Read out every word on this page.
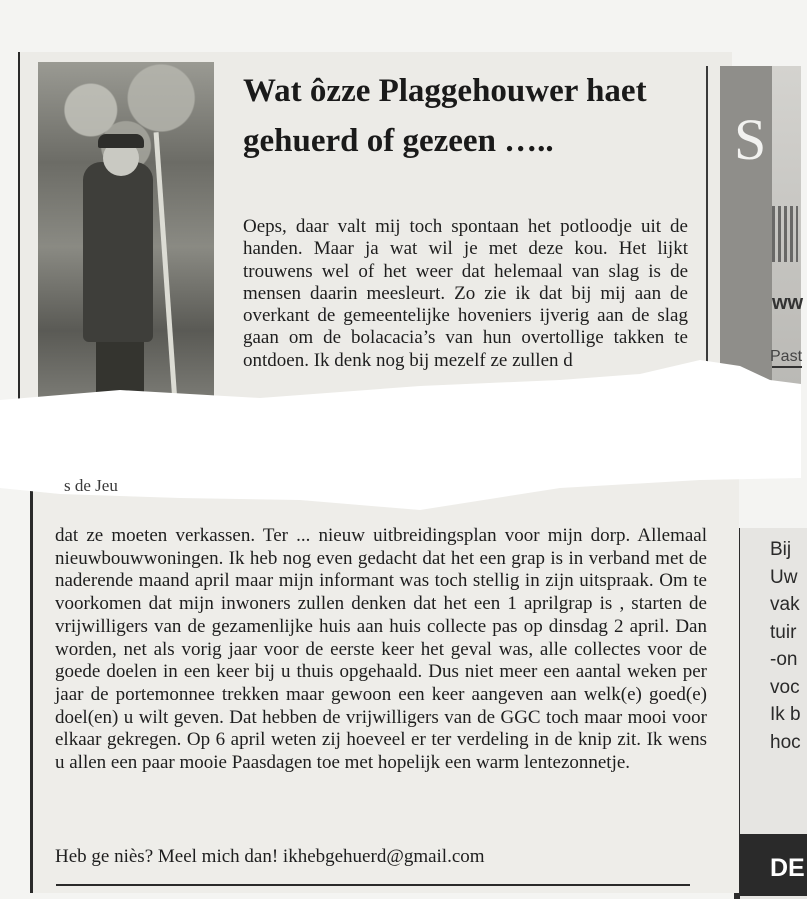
Wat ôzze Plaggehouwer haet gehuerd of gezeen …..

Oeps, daar valt mij toch spontaan het potloodje uit de handen. Maar ja wat wil je met deze kou. Het lijkt trouwens wel of het weer dat helemaal van slag is de mensen daarin meesleurt. Zo zie ik dat bij mij aan de overkant de gemeentelijke hoveniers ijverig aan de slag gaan om de bolacacia’s van hun overtollige takken te ontdoen. Ik denk nog bij mezelf ze zullen d

S
ww
Past
Bij
Uw
vak
tuir
-on
voc
Ik b
hoc
DE
s de Jeu

dat ze moeten verkassen. Ter ... nieuw uitbreidingsplan voor mijn dorp. Allemaal nieuwbouwwoningen. Ik heb nog even gedacht dat het een grap is in verband met de naderende maand april maar mijn informant was toch stellig in zijn uitspraak. Om te voorkomen dat mijn inwoners zullen denken dat het een 1 aprilgrap is , starten de vrijwilligers van de gezamenlijke huis aan huis collecte pas op dinsdag 2 april. Dan worden, net als vorig jaar voor de eerste keer het geval was, alle collectes voor de goede doelen in een keer bij u thuis opgehaald. Dus niet meer een aantal weken per jaar de portemonnee trekken maar gewoon een keer aangeven aan welk(e) goed(e) doel(en) u wilt geven. Dat hebben de vrijwilligers van de GGC toch maar mooi voor elkaar gekregen. Op 6 april weten zij hoeveel er ter verdeling in de knip zit. Ik wens u allen een paar mooie Paasdagen toe met hopelijk een warm lentezonnetje.

Heb ge niès? Meel mich dan! ikhebgehuerd@gmail.com
